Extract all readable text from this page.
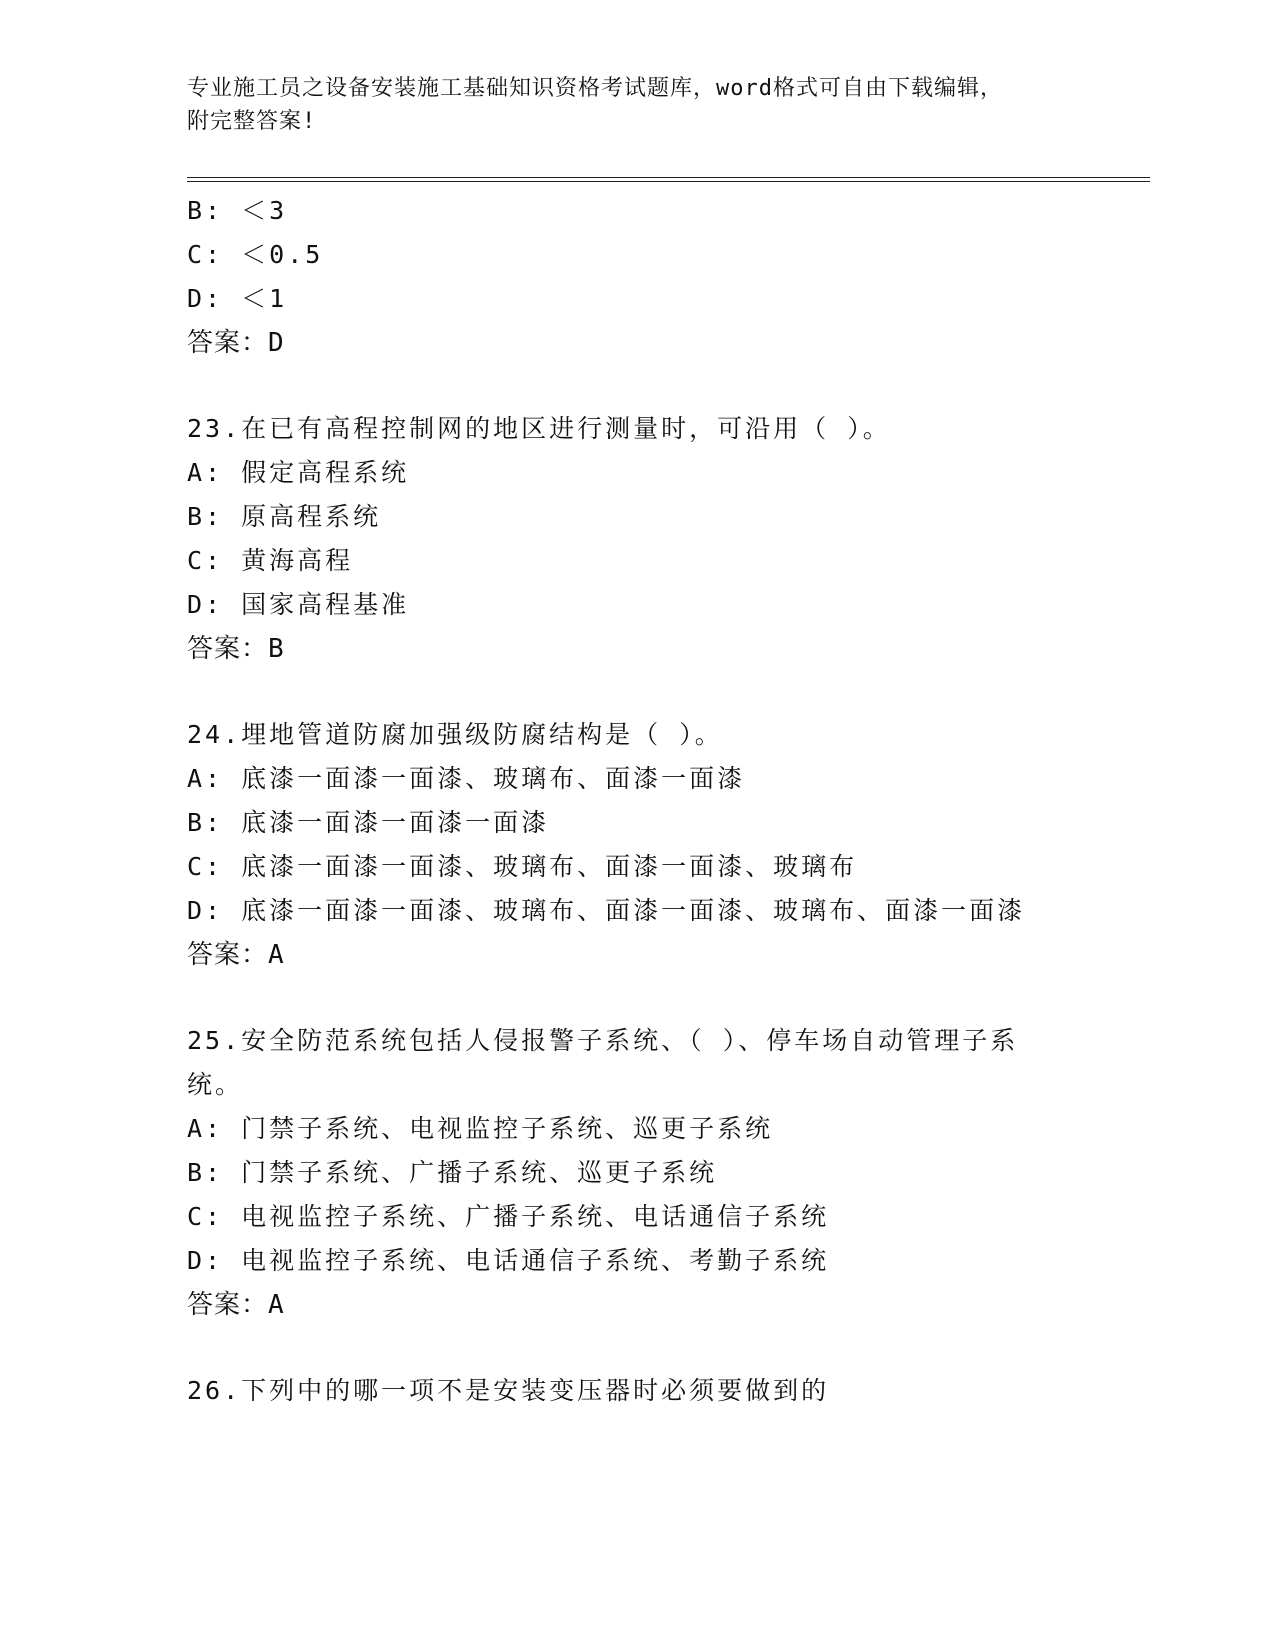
专业施工员之设备安装施工基础知识资格考试题库，word格式可自由下载编辑，
附完整答案!
B: ＜3
C: ＜0.5
D: ＜1
答案：D
23.在已有高程控制网的地区进行测量时，可沿用（ ）。
A: 假定高程系统
B: 原高程系统
C: 黄海高程
D: 国家高程基准
答案：B
24.埋地管道防腐加强级防腐结构是（ ）。
A: 底漆一面漆一面漆、玻璃布、面漆一面漆
B: 底漆一面漆一面漆一面漆
C: 底漆一面漆一面漆、玻璃布、面漆一面漆、玻璃布
D: 底漆一面漆一面漆、玻璃布、面漆一面漆、玻璃布、面漆一面漆
答案：A
25.安全防范系统包括人侵报警子系统、（ ）、停车场自动管理子系
统。
A: 门禁子系统、电视监控子系统、巡更子系统
B: 门禁子系统、广播子系统、巡更子系统
C: 电视监控子系统、广播子系统、电话通信子系统
D: 电视监控子系统、电话通信子系统、考勤子系统
答案：A
26.下列中的哪一项不是安装变压器时必须要做到的
